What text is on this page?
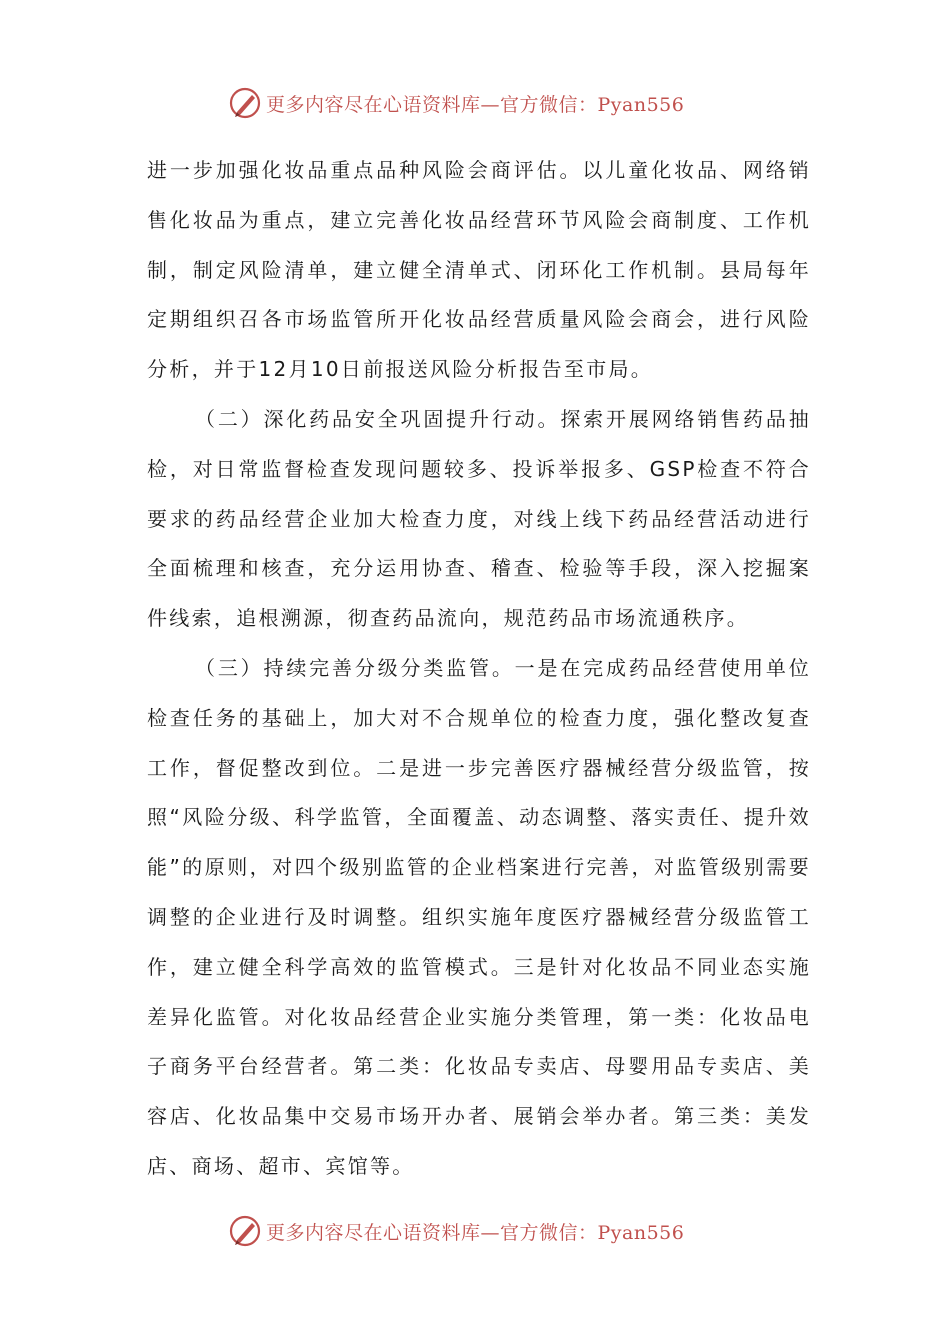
更多内容尽在心语资料库—官方微信：Pyan556

进一步加强化妆品重点品种风险会商评估。以儿童化妆品、网络销售化妆品为重点，建立完善化妆品经营环节风险会商制度、工作机制，制定风险清单，建立健全清单式、闭环化工作机制。县局每年定期组织召各市场监管所开化妆品经营质量风险会商会，进行风险分析，并于12月10日前报送风险分析报告至市局。

（二）深化药品安全巩固提升行动。探索开展网络销售药品抽检，对日常监督检查发现问题较多、投诉举报多、GSP检查不符合要求的药品经营企业加大检查力度，对线上线下药品经营活动进行全面梳理和核查，充分运用协查、稽查、检验等手段，深入挖掘案件线索，追根溯源，彻查药品流向，规范药品市场流通秩序。

（三）持续完善分级分类监管。一是在完成药品经营使用单位检查任务的基础上，加大对不合规单位的检查力度，强化整改复查工作，督促整改到位。二是进一步完善医疗器械经营分级监管，按照“风险分级、科学监管，全面覆盖、动态调整、落实责任、提升效能”的原则，对四个级别监管的企业档案进行完善，对监管级别需要调整的企业进行及时调整。组织实施年度医疗器械经营分级监管工作，建立健全科学高效的监管模式。三是针对化妆品不同业态实施差异化监管。对化妆品经营企业实施分类管理，第一类：化妆品电子商务平台经营者。第二类：化妆品专卖店、母婴用品专卖店、美容店、化妆品集中交易市场开办者、展销会举办者。第三类：美发店、商场、超市、宾馆等。

更多内容尽在心语资料库—官方微信：Pyan556
